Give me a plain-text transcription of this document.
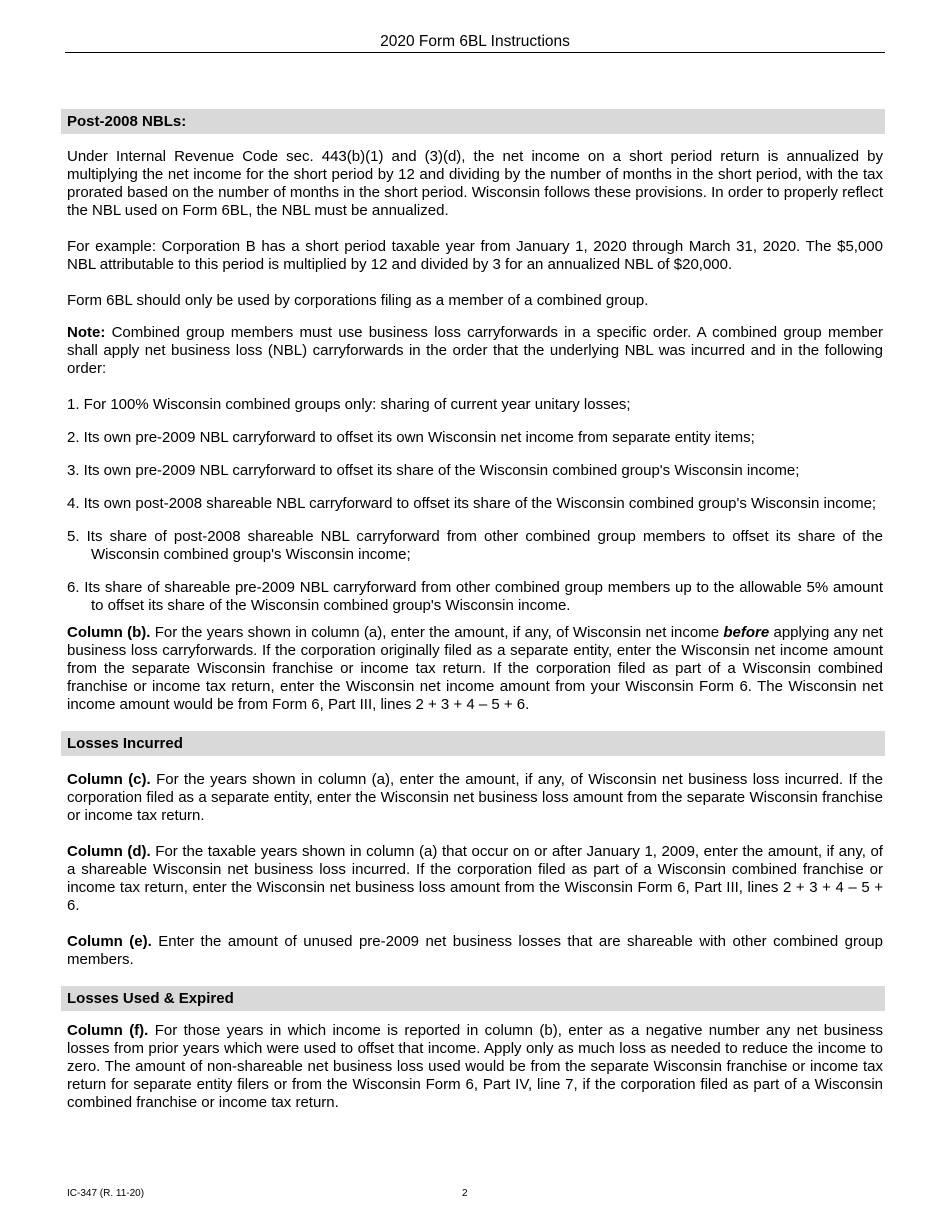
2020 Form 6BL Instructions
Post-2008 NBLs:

Under Internal Revenue Code sec. 443(b)(1) and (3)(d), the net income on a short period return is annualized by multiplying the net income for the short period by 12 and dividing by the number of months in the short period, with the tax prorated based on the number of months in the short period. Wisconsin follows these provisions. In order to properly reflect the NBL used on Form 6BL, the NBL must be annualized.

For example: Corporation B has a short period taxable year from January 1, 2020 through March 31, 2020. The $5,000 NBL attributable to this period is multiplied by 12 and divided by 3 for an annualized NBL of $20,000.

Form 6BL should only be used by corporations filing as a member of a combined group.

Note: Combined group members must use business loss carryforwards in a specific order. A combined group member shall apply net business loss (NBL) carryforwards in the order that the underlying NBL was incurred and in the following order:

1. For 100% Wisconsin combined groups only: sharing of current year unitary losses;

2. Its own pre-2009 NBL carryforward to offset its own Wisconsin net income from separate entity items;

3. Its own pre-2009 NBL carryforward to offset its share of the Wisconsin combined group's Wisconsin income;

4. Its own post-2008 shareable NBL carryforward to offset its share of the Wisconsin combined group's Wisconsin income;

5. Its share of post-2008 shareable NBL carryforward from other combined group members to offset its share of the Wisconsin combined group's Wisconsin income;

6. Its share of shareable pre-2009 NBL carryforward from other combined group members up to the allowable 5% amount to offset its share of the Wisconsin combined group's Wisconsin income.

Column (b). For the years shown in column (a), enter the amount, if any, of Wisconsin net income before applying any net business loss carryforwards. If the corporation originally filed as a separate entity, enter the Wisconsin net income amount from the separate Wisconsin franchise or income tax return. If the corporation filed as part of a Wisconsin combined franchise or income tax return, enter the Wisconsin net income amount from your Wisconsin Form 6. The Wisconsin net income amount would be from Form 6, Part III, lines 2 + 3 + 4 – 5 + 6.

Losses Incurred

Column (c). For the years shown in column (a), enter the amount, if any, of Wisconsin net business loss incurred. If the corporation filed as a separate entity, enter the Wisconsin net business loss amount from the separate Wisconsin franchise or income tax return.

Column (d). For the taxable years shown in column (a) that occur on or after January 1, 2009, enter the amount, if any, of a shareable Wisconsin net business loss incurred. If the corporation filed as part of a Wisconsin combined franchise or income tax return, enter the Wisconsin net business loss amount from the Wisconsin Form 6, Part III, lines 2 + 3 + 4 – 5 + 6.

Column (e). Enter the amount of unused pre-2009 net business losses that are shareable with other combined group members.

Losses Used & Expired

Column (f). For those years in which income is reported in column (b), enter as a negative number any net business losses from prior years which were used to offset that income. Apply only as much loss as needed to reduce the income to zero. The amount of non-shareable net business loss used would be from the separate Wisconsin franchise or income tax return for separate entity filers or from the Wisconsin Form 6, Part IV, line 7, if the corporation filed as part of a Wisconsin combined franchise or income tax return.

IC-347 (R. 11-20)	2
